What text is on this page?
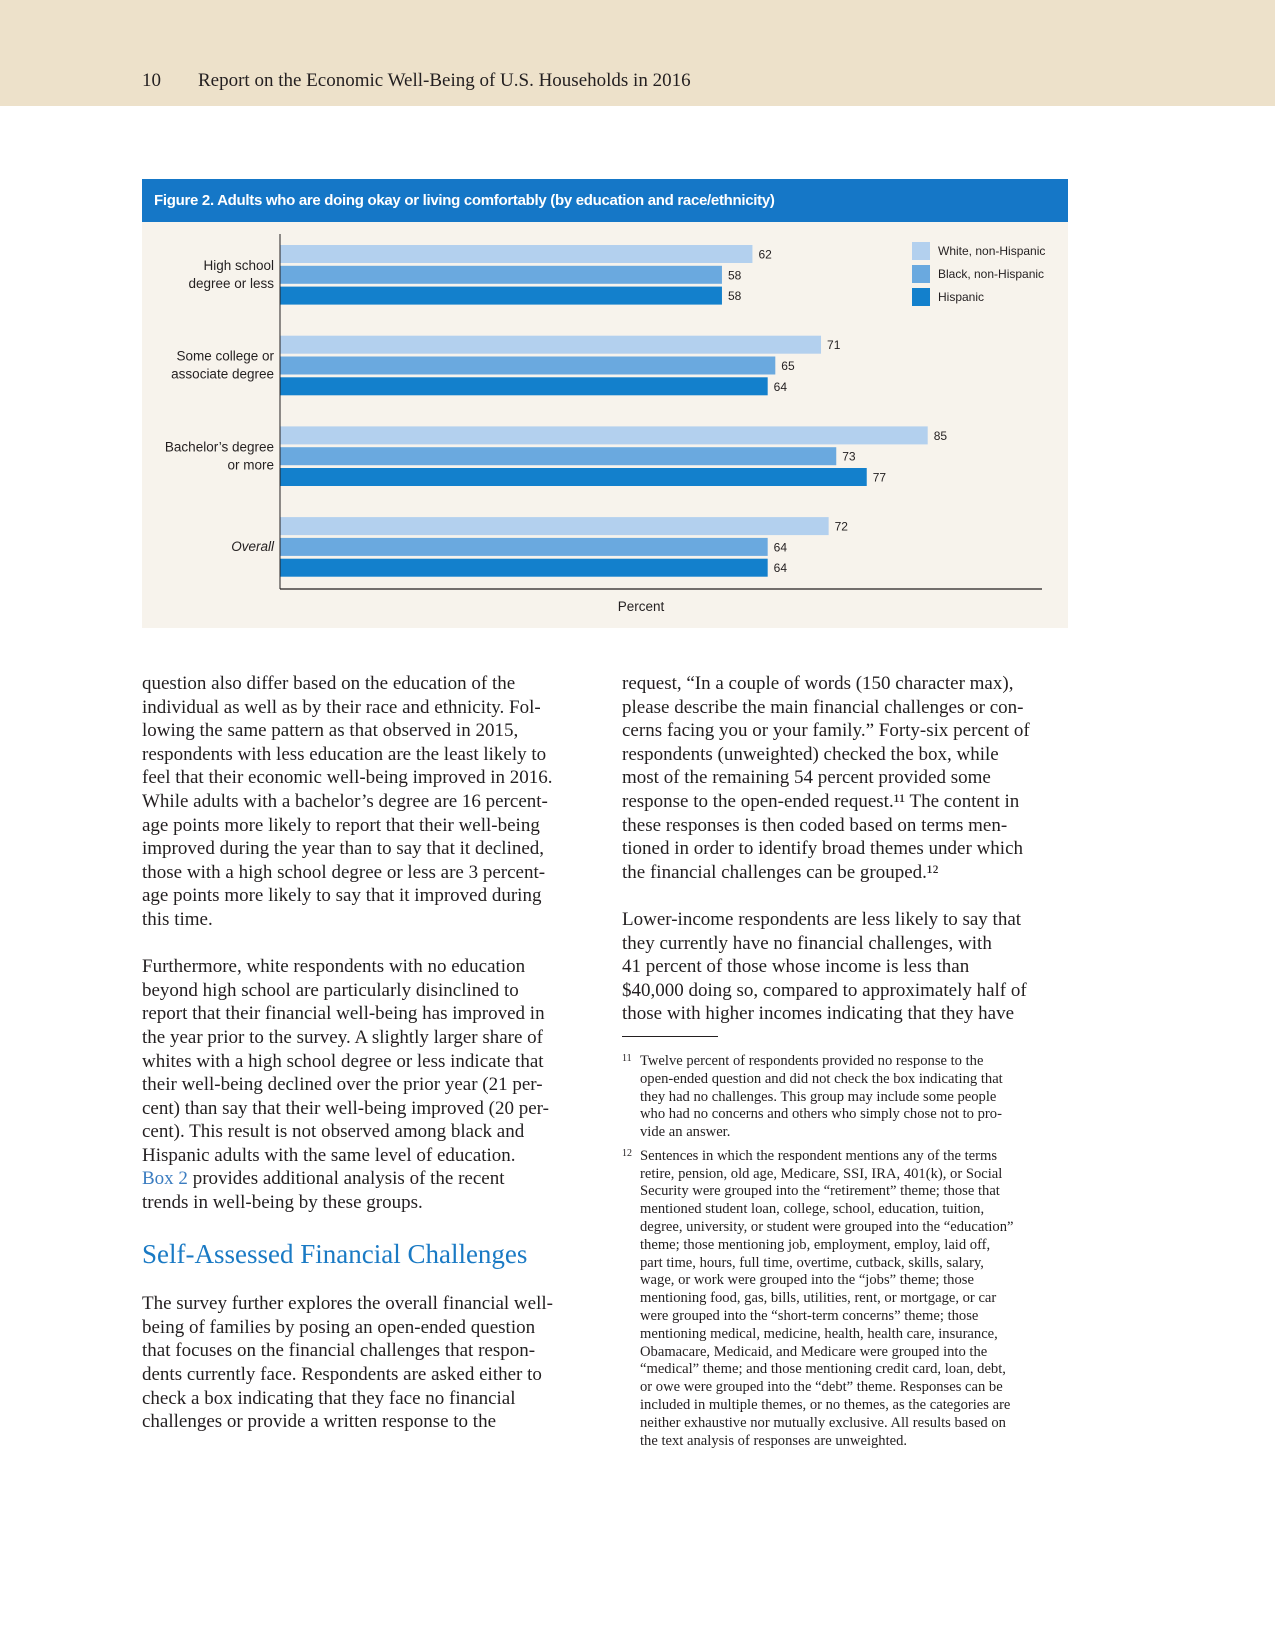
10 Report on the Economic Well-Being of U.S. Households in 2016
62
58
58
High school
degree or less
71
65
64
Some college or
associate degree
85
73
77
Bachelor’s degree
or more
72
64
64
Overall
Percent
White, non-Hispanic
Black, non-Hispanic
Hispanic
Figure 2. Adults who are doing okay or living comfortably (by education and race/ethnicity)
question also differ based on the education of the
individual as well as by their race and ethnicity. Fol-
lowing the same pattern as that observed in 2015,
respondents with less education are the least likely to
feel that their economic well-being improved in 2016.
While adults with a bachelor’s degree are 16 percent-
age points more likely to report that their well-being
improved during the year than to say that it declined,
those with a high school degree or less are 3 percent-
age points more likely to say that it improved during
this time.
Furthermore, white respondents with no education
beyond high school are particularly disinclined to
report that their financial well-being has improved in
the year prior to the survey. A slightly larger share of
whites with a high school degree or less indicate that
their well-being declined over the prior year (21 per-
cent) than say that their well-being improved (20 per-
cent). This result is not observed among black and
Hispanic adults with the same level of education.
Box 2 provides additional analysis of the recent
trends in well-being by these groups.
Self-Assessed Financial Challenges
The survey further explores the overall financial well-
being of families by posing an open-ended question
that focuses on the financial challenges that respon-
dents currently face. Respondents are asked either to
check a box indicating that they face no financial
challenges or provide a written response to the
request, “In a couple of words (150 character max),
please describe the main financial challenges or con-
cerns facing you or your family.” Forty-six percent of
respondents (unweighted) checked the box, while
most of the remaining 54 percent provided some
response to the open-ended request.¹¹ The content in
these responses is then coded based on terms men-
tioned in order to identify broad themes under which
the financial challenges can be grouped.¹²
Lower-income respondents are less likely to say that
they currently have no financial challenges, with
41 percent of those whose income is less than
$40,000 doing so, compared to approximately half of
those with higher incomes indicating that they have
11 Twelve percent of respondents provided no response to the
open-ended question and did not check the box indicating that
they had no challenges. This group may include some people
who had no concerns and others who simply chose not to pro-
vide an answer.
12 Sentences in which the respondent mentions any of the terms
retire, pension, old age, Medicare, SSI, IRA, 401(k), or Social
Security were grouped into the “retirement” theme; those that
mentioned student loan, college, school, education, tuition,
degree, university, or student were grouped into the “education”
theme; those mentioning job, employment, employ, laid off,
part time, hours, full time, overtime, cutback, skills, salary,
wage, or work were grouped into the “jobs” theme; those
mentioning food, gas, bills, utilities, rent, or mortgage, or car
were grouped into the “short-term concerns” theme; those
mentioning medical, medicine, health, health care, insurance,
Obamacare, Medicaid, and Medicare were grouped into the
“medical” theme; and those mentioning credit card, loan, debt,
or owe were grouped into the “debt” theme. Responses can be
included in multiple themes, or no themes, as the categories are
neither exhaustive nor mutually exclusive. All results based on
the text analysis of responses are unweighted.
